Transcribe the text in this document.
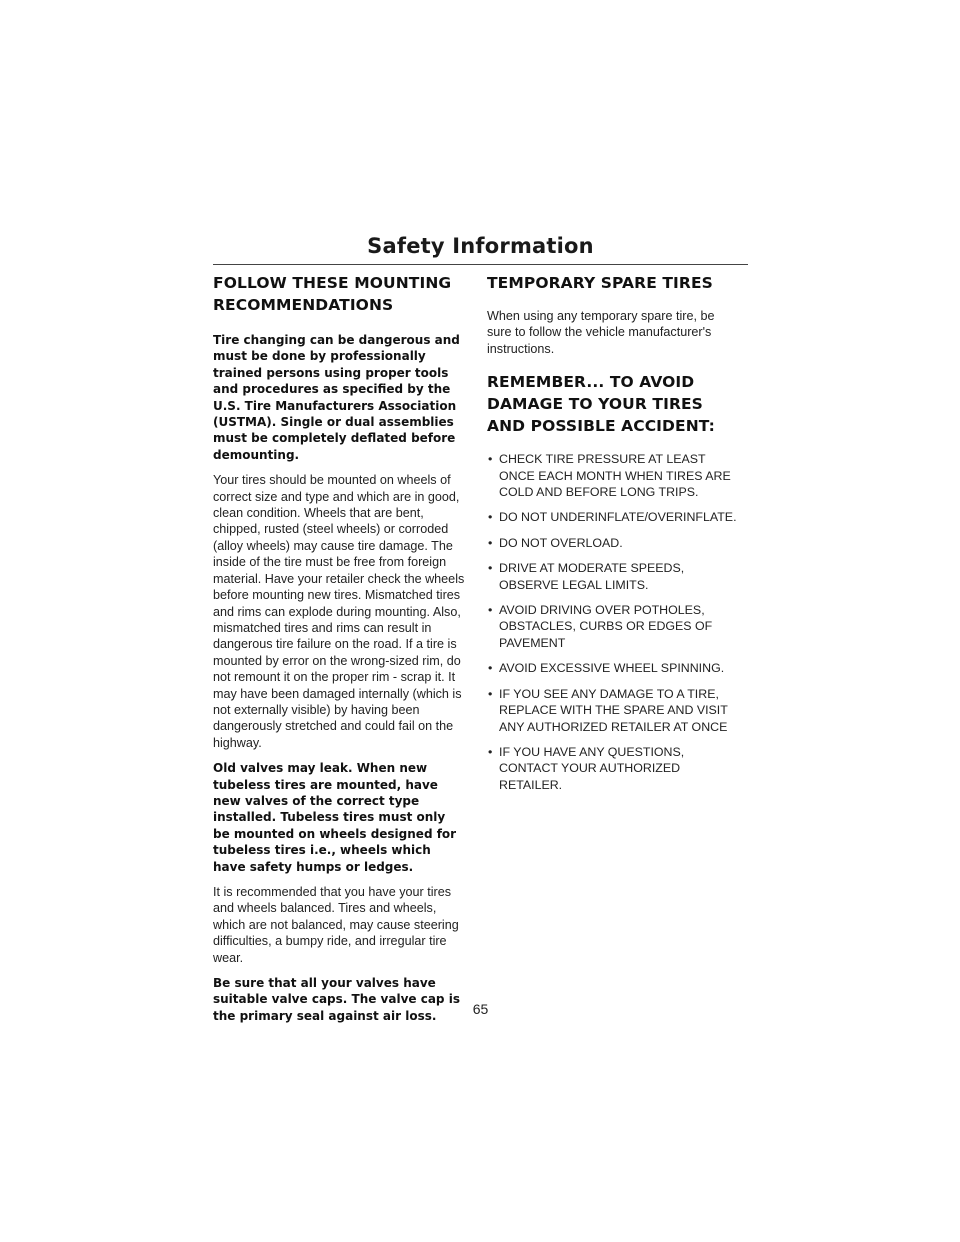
Safety Information
FOLLOW THESE MOUNTING RECOMMENDATIONS

Tire changing can be dangerous and must be done by professionally trained persons using proper tools and procedures as specified by the U.S. Tire Manufacturers Association (USTMA). Single or dual assemblies must be completely deflated before demounting.

Your tires should be mounted on wheels of correct size and type and which are in good, clean condition. Wheels that are bent, chipped, rusted (steel wheels) or corroded (alloy wheels) may cause tire damage. The inside of the tire must be free from foreign material. Have your retailer check the wheels before mounting new tires. Mismatched tires and rims can explode during mounting. Also, mismatched tires and rims can result in dangerous tire failure on the road. If a tire is mounted by error on the wrong-sized rim, do not remount it on the proper rim - scrap it. It may have been damaged internally (which is not externally visible) by having been dangerously stretched and could fail on the highway.

Old valves may leak. When new tubeless tires are mounted, have new valves of the correct type installed. Tubeless tires must only be mounted on wheels designed for tubeless tires i.e., wheels which have safety humps or ledges.

It is recommended that you have your tires and wheels balanced. Tires and wheels, which are not balanced, may cause steering difficulties, a bumpy ride, and irregular tire wear.

Be sure that all your valves have suitable valve caps. The valve cap is the primary seal against air loss.

TEMPORARY SPARE TIRES

When using any temporary spare tire, be sure to follow the vehicle manufacturer's instructions.

REMEMBER... TO AVOID DAMAGE TO YOUR TIRES AND POSSIBLE ACCIDENT:
• CHECK TIRE PRESSURE AT LEAST ONCE EACH MONTH WHEN TIRES ARE COLD AND BEFORE LONG TRIPS.
• DO NOT UNDERINFLATE/OVERINFLATE.
• DO NOT OVERLOAD.
• DRIVE AT MODERATE SPEEDS, OBSERVE LEGAL LIMITS.
• AVOID DRIVING OVER POTHOLES, OBSTACLES, CURBS OR EDGES OF PAVEMENT
• AVOID EXCESSIVE WHEEL SPINNING.
• IF YOU SEE ANY DAMAGE TO A TIRE, REPLACE WITH THE SPARE AND VISIT ANY AUTHORIZED RETAILER AT ONCE
• IF YOU HAVE ANY QUESTIONS, CONTACT YOUR AUTHORIZED RETAILER.
65
